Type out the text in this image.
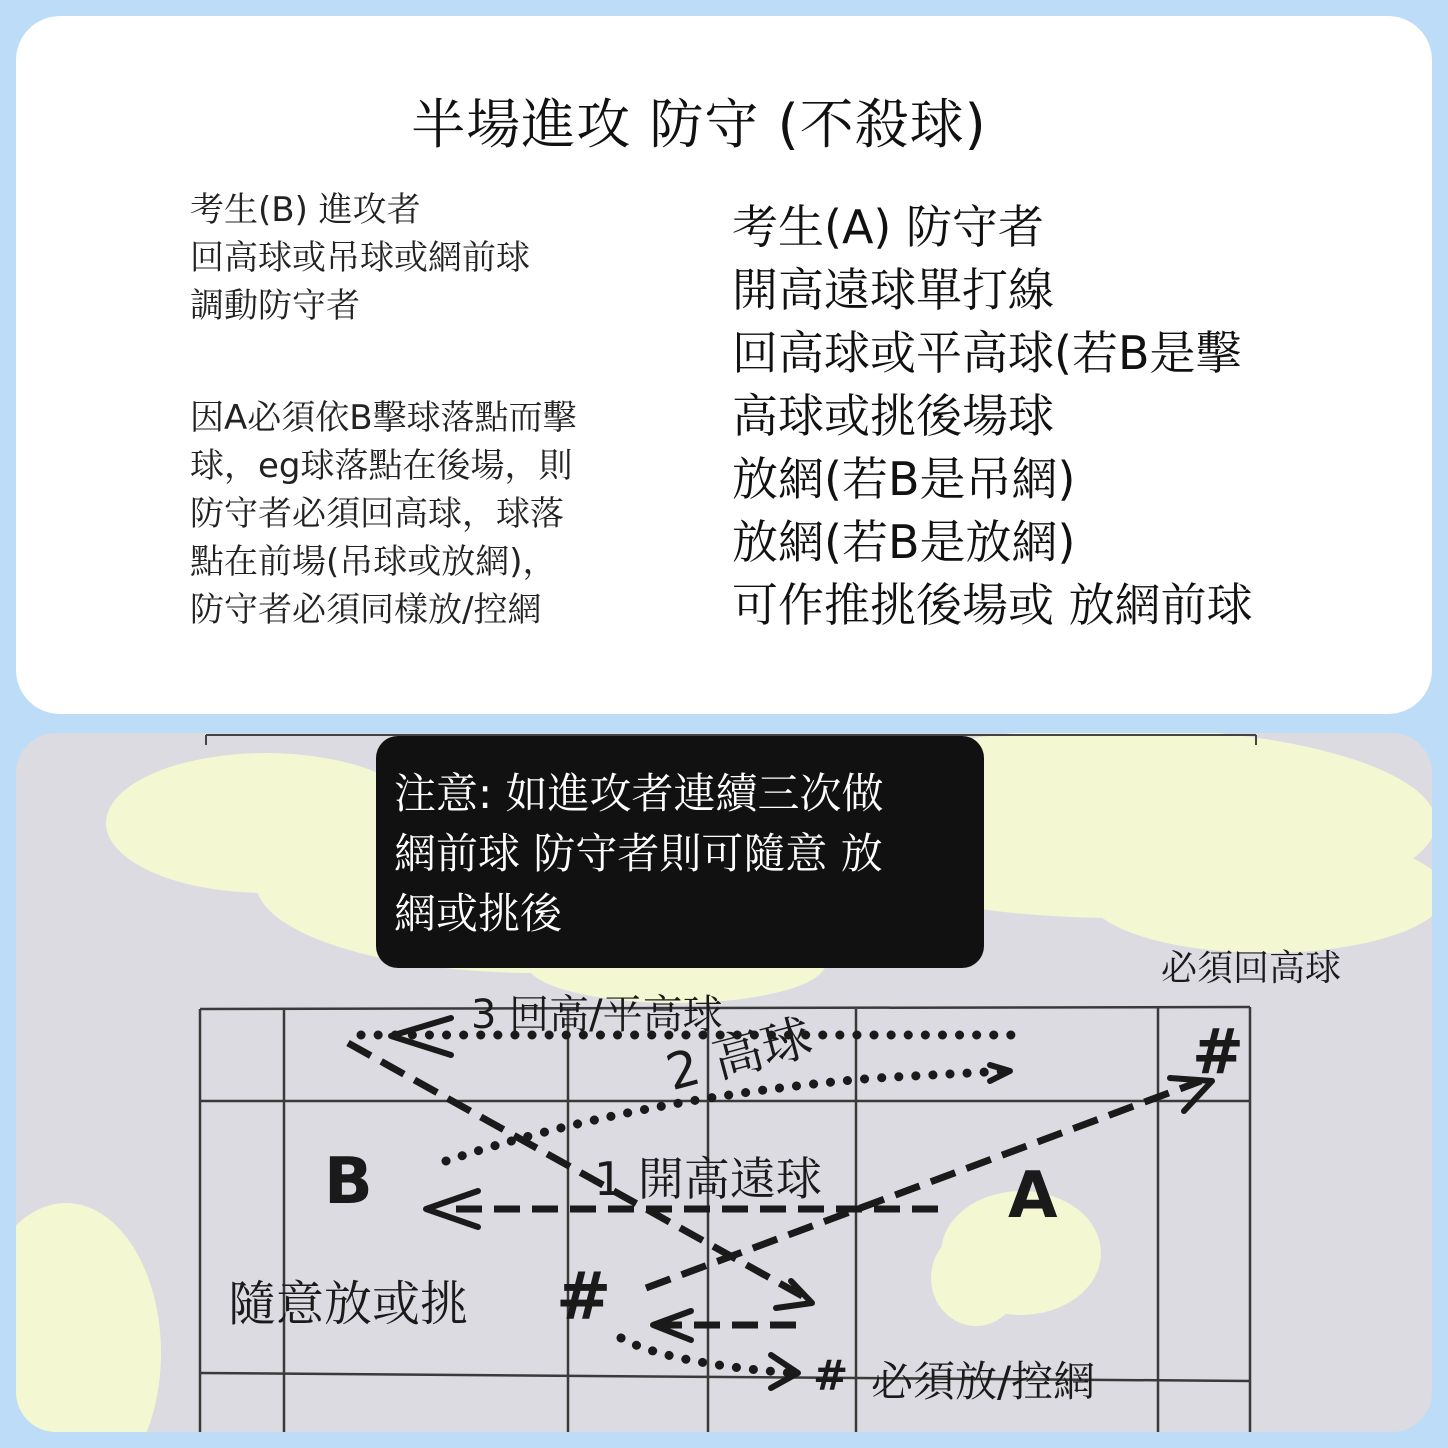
半場進攻 防守 (不殺球)
考生(B) 進攻者
回高球或吊球或網前球
調動防守者
因A必須依B擊球落點而擊
球，eg球落點在後場，則
防守者必須回高球，球落
點在前場(吊球或放網)，
防守者必須同樣放/控網
考生(A) 防守者
開高遠球單打線
回高球或平高球(若B是擊
高球或挑後場球
放網(若B是吊網)
放網(若B是放網)
可作推挑後場或 放網前球
必須回高球
3 回高/平高球
2 高球
1 開高遠球
B	A
隨意放或挑
#
#
# 必須放/控網
注意: 如進攻者連續三次做
網前球 防守者則可隨意 放
網或挑後
